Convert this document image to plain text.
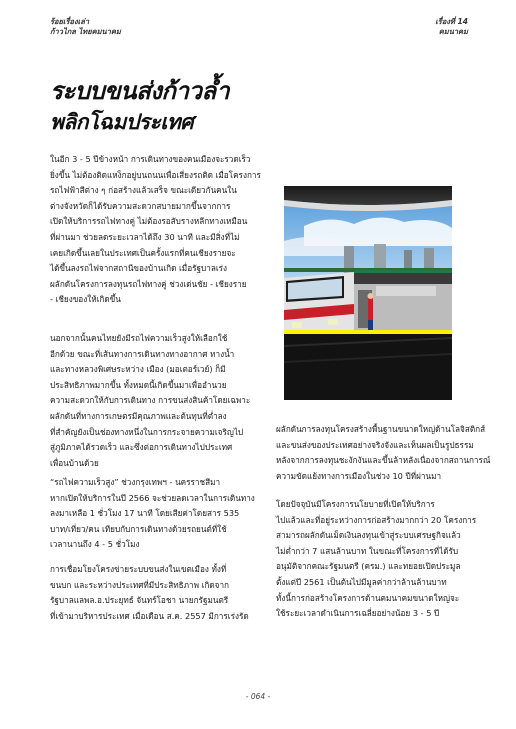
ร้อยเรื่องเล่า
ก้าวไกล ไทยคมนาคม
เรื่องที่ 14
คมนาคม
ระบบขนส่งก้าวล้ำ
พลิกโฉมประเทศ
ในอีก 3 - 5 ปีข้างหน้า การเดินทางของคนเมืองจะรวดเร็ว
ยิ่งขึ้น ไม่ต้องติดแหง็กอยู่บนถนนเพื่อเสี่ยงรถติด เมื่อโครงการ
รถไฟฟ้าสีต่าง ๆ ก่อสร้างแล้วเสร็จ ขณะเดียวกันคนใน
ต่างจังหวัดก็ได้รับความสะดวกสบายมากขึ้นจากการ
เปิดให้บริการรถไฟทางคู่ ไม่ต้องรอสับรางหลีกทางเหมือน
ที่ผ่านมา ช่วยลดระยะเวลาได้ถึง 30 นาที และมีสิ่งที่ไม่
เคยเกิดขึ้นเลยในประเทศเป็นครั้งแรกที่คนเชียงรายจะ
ได้ขึ้นลงรถไฟจากสถานีของบ้านเกิด เมื่อรัฐบาลเร่ง
ผลักดันโครงการลงทุนรถไฟทางคู่ ช่วงเด่นชัย - เชียงราย
- เชียงของให้เกิดขึ้น
นอกจากนั้นคนไทยยังมีรถไฟความเร็วสูงให้เลือกใช้
อีกด้วย ขณะที่เส้นทางการเดินทางทางอากาศ ทางน้ำ
และทางหลวงพิเศษระหว่าง เมือง (มอเตอร์เวย์) ก็มี
ประสิทธิภาพมากขึ้น ทั้งหมดนี้เกิดขึ้นมาเพื่ออำนวย
ความสะดวกให้กับการเดินทาง การขนส่งสินค้าโดยเฉพาะ
ผลักดันที่ทางการเกษตรมีคุณภาพและต้นทุนที่ต่ำลง
ที่สำคัญยังเป็นช่องทางหนึ่งในการกระจายความเจริญไป
สู่ภูมิภาคได้รวดเร็ว และซึ่งต่อการเดินทางไปประเทศ
เพื่อนบ้านด้วย
“รถไฟความเร็วสูง” ช่วงกรุงเทพฯ - นครราชสีมา
หากเปิดให้บริการในปี 2566 จะช่วยลดเวลาในการเดินทาง
ลงมาเหลือ 1 ชั่วโมง 17 นาที โดยเสียค่าโดยสาร 535
บาท/เที่ยว/คน เทียบกับการเดินทางด้วยรถยนต์ที่ใช้
เวลานานถึง 4 - 5 ชั่วโมง
การเชื่อมโยงโครงข่ายระบบขนส่งในเขตเมือง ทั้งที่
ขนบก และระหว่างประเทศที่มีประสิทธิภาพ เกิดจาก
รัฐบาลแลพล.อ.ประยุทธ์ จันทร์โอชา นายกรัฐมนตรี
ที่เข้ามาบริหารประเทศ เมื่อเดือน ส.ค. 2557 มีการเร่งรัด
ผลักดันการลงทุนโครงสร้างพื้นฐานขนาดใหญ่ด้านโลจิสติกส์
และขนส่งของประเทศอย่างจริงจังและเห็นผลเป็นรูปธรรม
หลังจากการลงทุนชะงักงันและขึ้นล้าหลังเนื่องจากสถานการณ์
ความขัดแย้งทางการเมืองในช่วง 10 ปีที่ผ่านมา
โดยปัจจุบันมีโครงการนโยบายที่เปิดให้บริการ
ไปแล้วและที่อยู่ระหว่างการก่อสร้างมากกว่า 20 โครงการ
สามารถผลักดันเม็ดเงินลงทุนเข้าสู่ระบบเศรษฐกิจแล้ว
ไม่ต่ำกว่า 7 แสนล้านบาท ในขณะที่โครงการที่ได้รับ
อนุมัติจากคณะรัฐมนตรี (ครม.) และทยอยเปิดประมูล
ตั้งแต่ปี 2561 เป็นต้นไปมีมูลค่ากว่าล้านล้านบาท
ทั้งนี้การก่อสร้างโครงการด้านคมนาคมขนาดใหญ่จะ
ใช้ระยะเวลาดำเนินการเฉลี่ยอย่างน้อย 3 - 5 ปี
- 064 -
